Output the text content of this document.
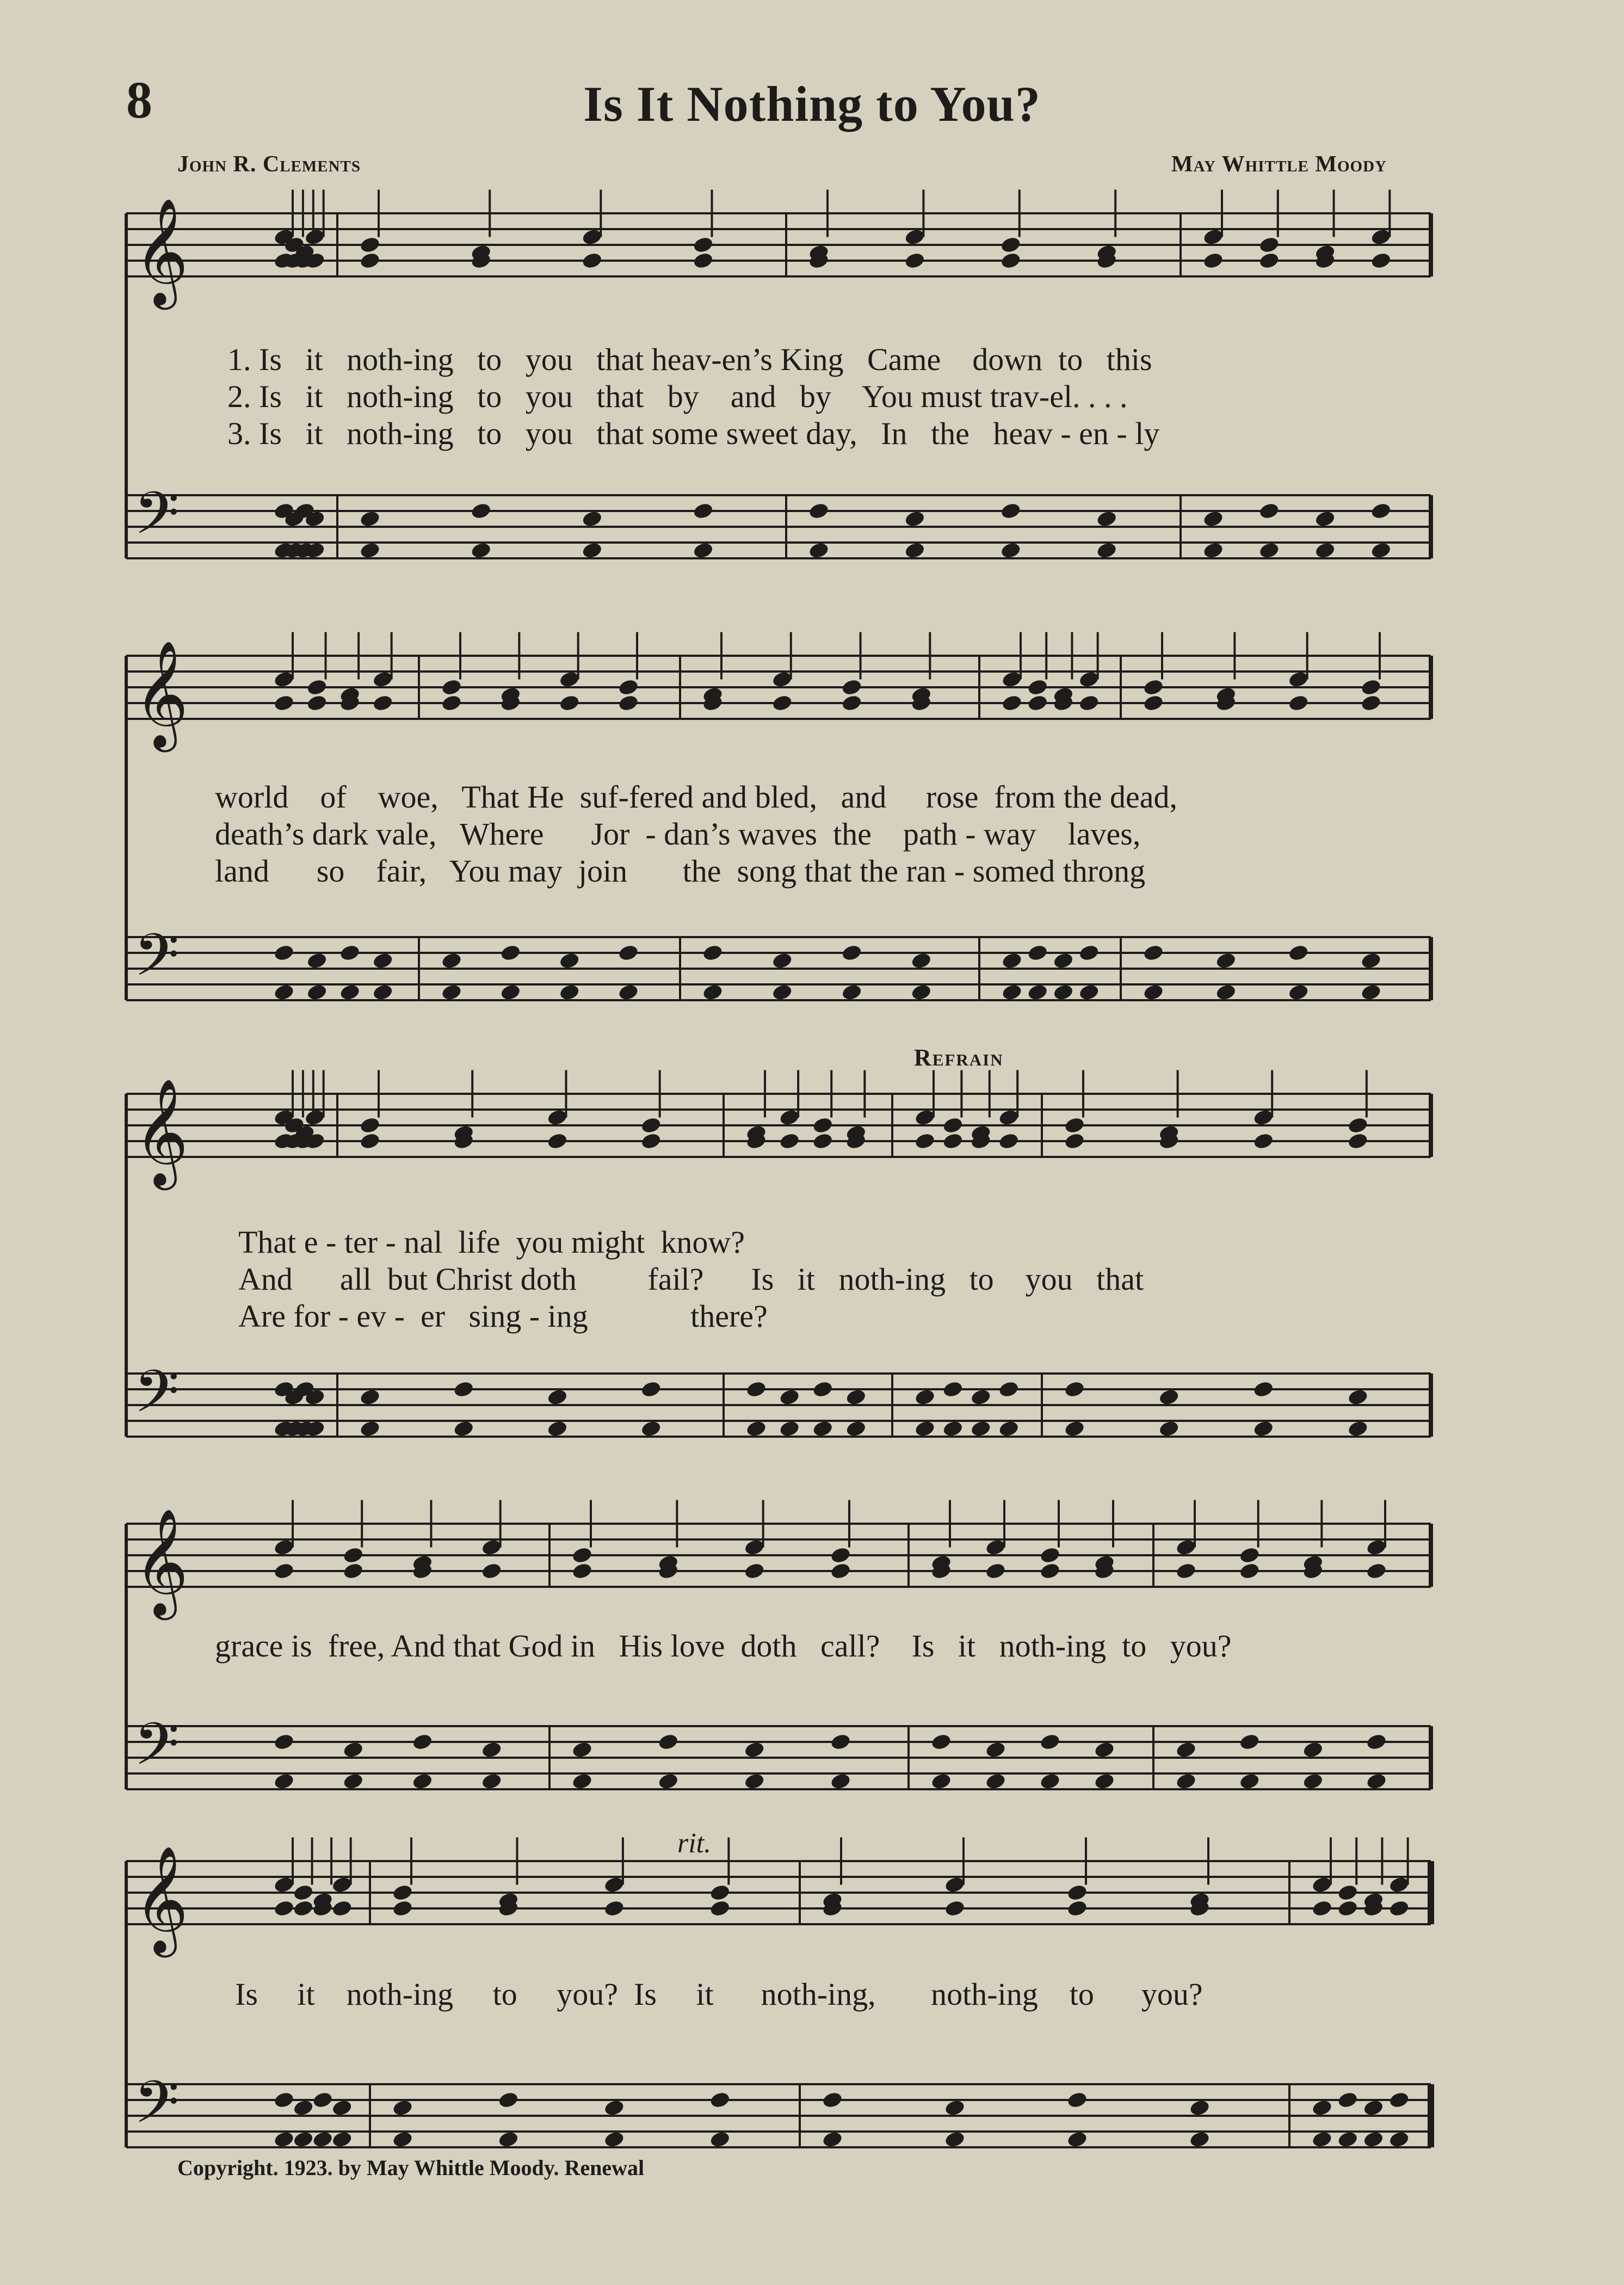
8	Is It Nothing to You?
John R. Clements	May Whittle Moody
𝄞
𝄢
𝄞
𝄢
𝄞
𝄢
𝄞
𝄢
𝄞
𝄢
1. Is   it   noth-ing   to   you   that heav-en’s King   Came    down  to   this
2. Is   it   noth-ing   to   you   that   by    and   by    You must trav-el. . . .
3. Is   it   noth-ing   to   you   that some sweet day,   In   the   heav - en - ly
world    of    woe,   That He  suf-fered and bled,   and     rose  from the dead,
death’s dark vale,   Where      Jor  - dan’s waves  the    path - way    laves,
land      so    fair,   You may  join       the  song that the ran - somed throng
Refrain
That e - ter - nal  life  you might  know?
And      all  but Christ doth         fail?      Is   it   noth-ing   to    you   that
Are for - ev -  er   sing - ing             there?
grace is  free, And that God in   His love  doth   call?    Is   it   noth-ing  to   you?
rit.
Is     it    noth-ing     to     you?  Is     it      noth-ing,       noth-ing    to      you?
Copyright. 1923. by May Whittle Moody. Renewal
